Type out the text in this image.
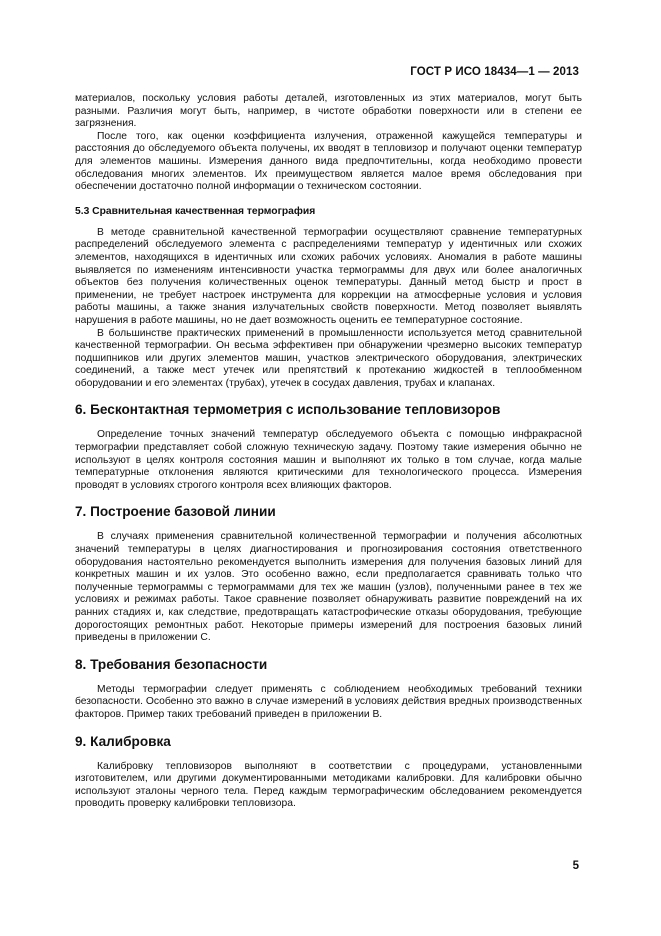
ГОСТ Р ИСО 18434—1 — 2013

материалов, поскольку условия работы деталей, изготовленных из этих материалов, могут быть разными. Различия могут быть, например, в чистоте обработки поверхности или в степени ее загрязнения.

После того, как оценки коэффициента излучения, отраженной кажущейся температуры и расстояния до обследуемого объекта получены, их вводят в тепловизор и получают оценки температур для элементов машины. Измерения данного вида предпочтительны, когда необходимо провести обследования многих элементов. Их преимуществом является малое время обследования при обеспечении достаточно полной информации о техническом состоянии.

5.3 Сравнительная качественная термография

В методе сравнительной качественной термографии осуществляют сравнение температурных распределений обследуемого элемента с распределениями температур у идентичных или схожих элементов, находящихся в идентичных или схожих рабочих условиях. Аномалия в работе машины выявляется по изменениям интенсивности участка термограммы для двух или более аналогичных объектов без получения количественных оценок температуры. Данный метод быстр и прост в применении, не требует настроек инструмента для коррекции на атмосферные условия и условия работы машины, а также знания излучательных свойств поверхности. Метод позволяет выявлять нарушения в работе машины, но не дает возможность оценить ее температурное состояние.

В большинстве практических применений в промышленности используется метод сравнительной качественной термографии. Он весьма эффективен при обнаружении чрезмерно высоких температур подшипников или других элементов машин, участков электрического оборудования, электрических соединений, а также мест утечек или препятствий к протеканию жидкостей в теплообменном оборудовании и его элементах (трубах), утечек в сосудах давления, трубах и клапанах.

6. Бесконтактная термометрия с использование тепловизоров

Определение точных значений температур обследуемого объекта с помощью инфракрасной термографии представляет собой сложную техническую задачу. Поэтому такие измерения обычно не используют в целях контроля состояния машин и выполняют их только в том случае, когда малые температурные отклонения являются критическими для технологического процесса. Измерения проводят в условиях строгого контроля всех влияющих факторов.

7. Построение базовой линии

В случаях применения сравнительной количественной термографии и получения абсолютных значений температуры в целях диагностирования и прогнозирования состояния ответственного оборудования настоятельно рекомендуется выполнить измерения для получения базовых линий для конкретных машин и их узлов. Это особенно важно, если предполагается сравнивать только что полученные термограммы с термограммами для тех же машин (узлов), полученными ранее в тех же условиях и режимах работы. Такое сравнение позволяет обнаруживать развитие повреждений на их ранних стадиях и, как следствие, предотвращать катастрофические отказы оборудования, требующие дорогостоящих ремонтных работ. Некоторые примеры измерений для построения базовых линий приведены в приложении С.

8. Требования безопасности

Методы термографии следует применять с соблюдением необходимых требований техники безопасности. Особенно это важно в случае измерений в условиях действия вредных производственных факторов. Пример таких требований приведен в приложении В.

9. Калибровка

Калибровку тепловизоров выполняют в соответствии с процедурами, установленными изготовителем, или другими документированными методиками калибровки. Для калибровки обычно используют эталоны черного тела. Перед каждым термографическим обследованием рекомендуется проводить проверку калибровки тепловизора.

5
